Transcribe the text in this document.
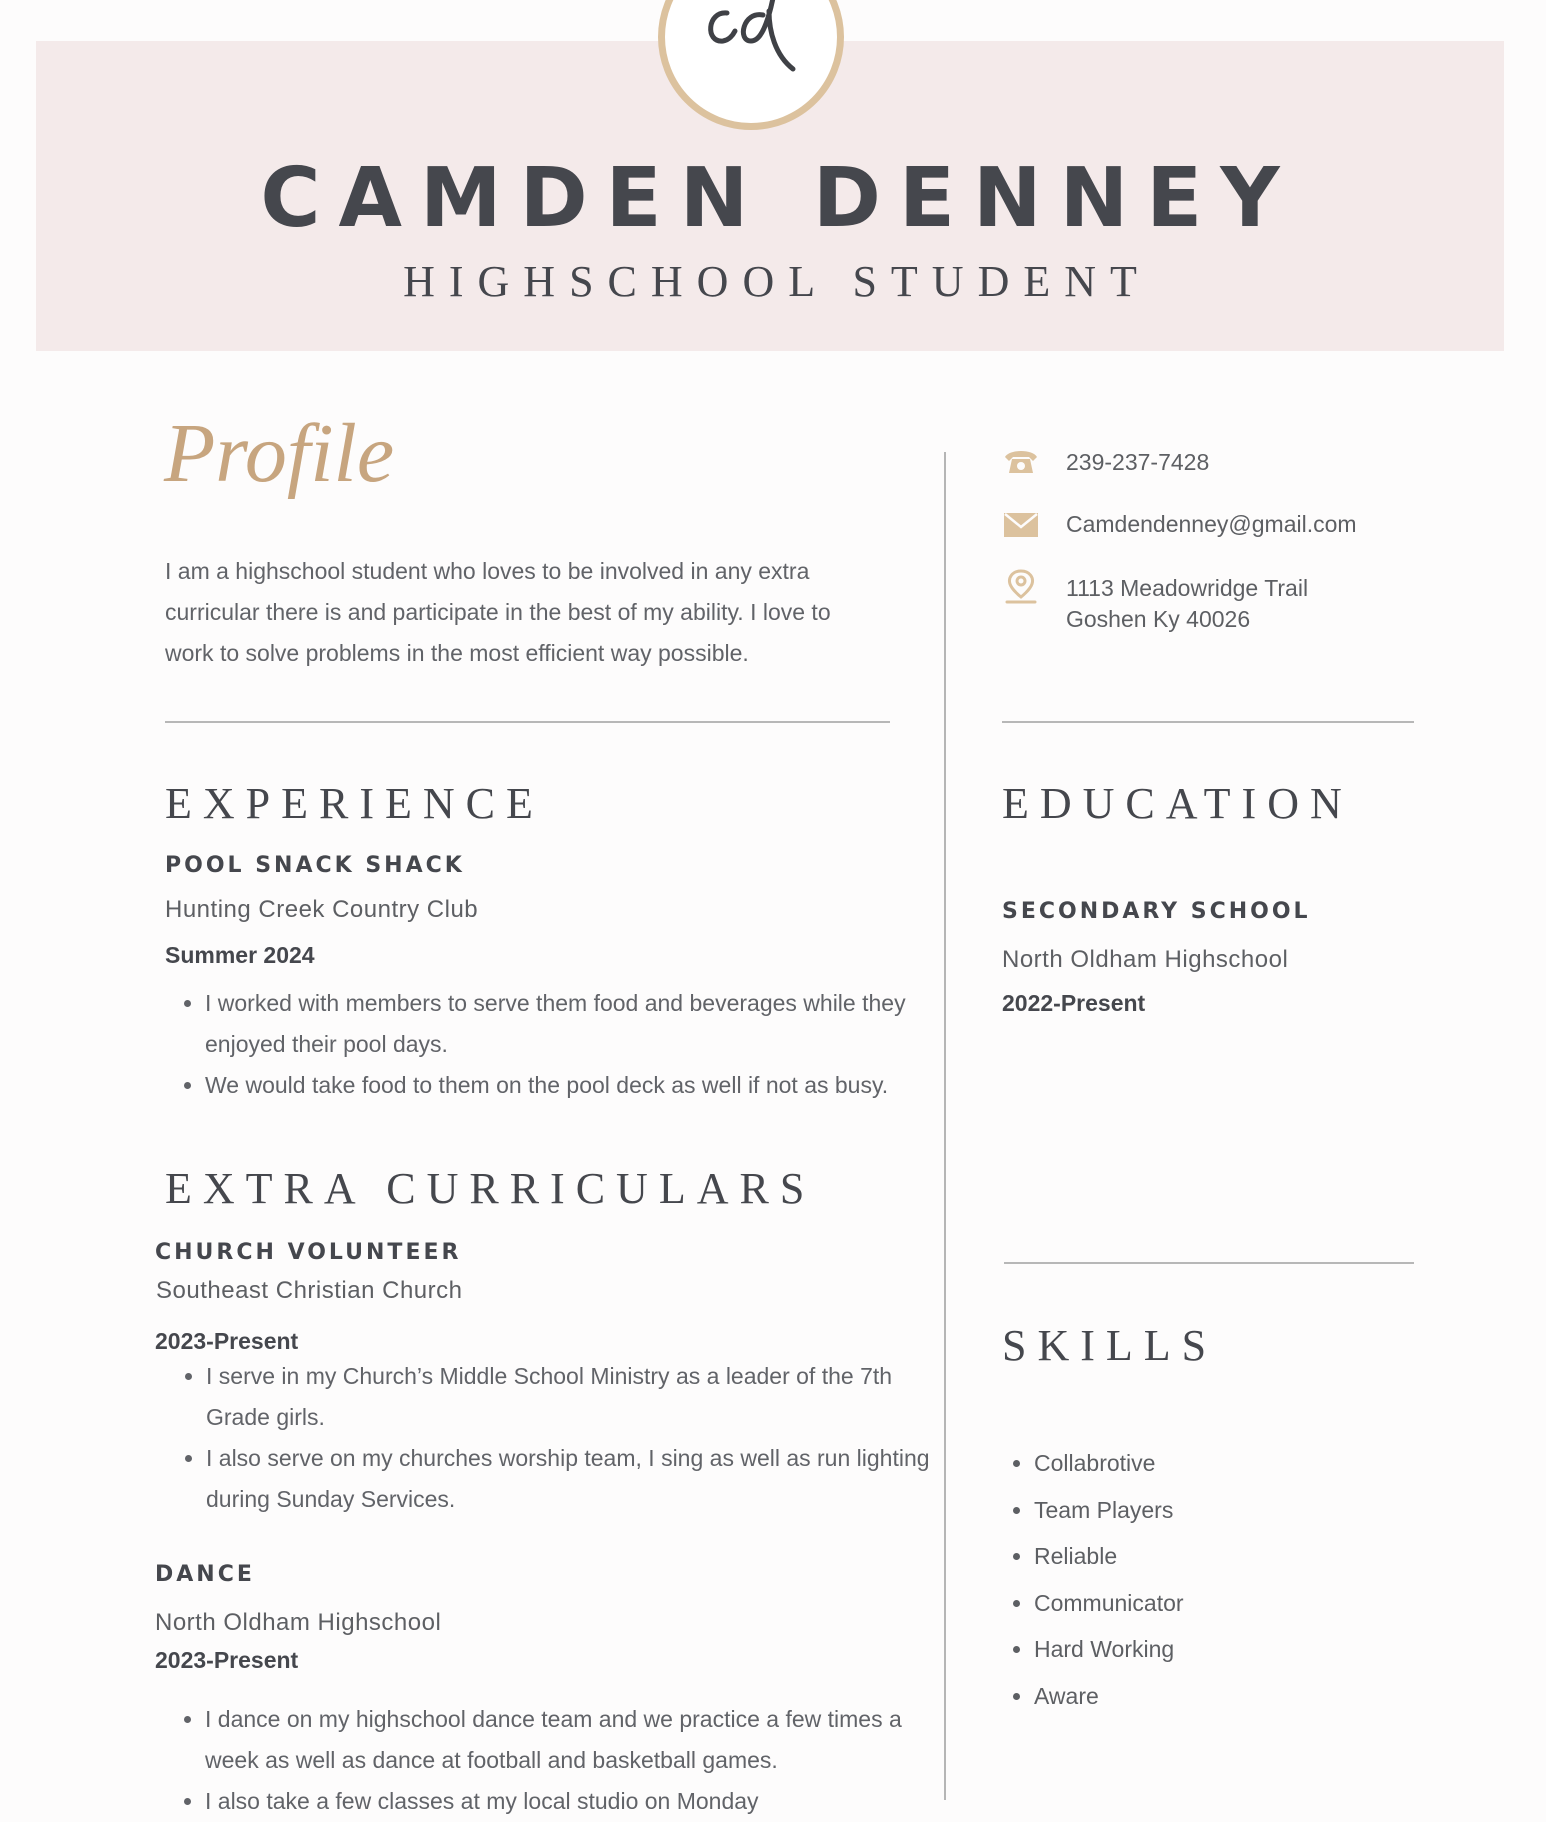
CAMDEN DENNEY
HIGHSCHOOL STUDENT
Profile
I am a highschool student who loves to be involved in any extra curricular there is and participate in the best of my ability. I love to work to solve problems in the most efficient way possible.
239-237-7428
Camdendenney@gmail.com
1113 Meadowridge Trail
Goshen Ky 40026
EXPERIENCE
POOL SNACK SHACK
Hunting Creek Country Club
Summer 2024
• I worked with members to serve them food and beverages while they enjoyed their pool days.
• We would take food to them on the pool deck as well if not as busy.
EXTRA CURRICULARS
CHURCH VOLUNTEER
Southeast Christian Church
2023-Present
• I serve in my Church’s Middle School Ministry as a leader of the 7th Grade girls.
• I also serve on my churches worship team, I sing as well as run lighting during Sunday Services.
DANCE
North Oldham Highschool
2023-Present
• I dance on my highschool dance team and we practice a few times a week as well as dance at football and basketball games.
• I also take a few classes at my local studio on Monday
EDUCATION
SECONDARY SCHOOL
North Oldham Highschool
2022-Present
SKILLS
• Collabrotive
• Team Players
• Reliable
• Communicator
• Hard Working
• Aware
